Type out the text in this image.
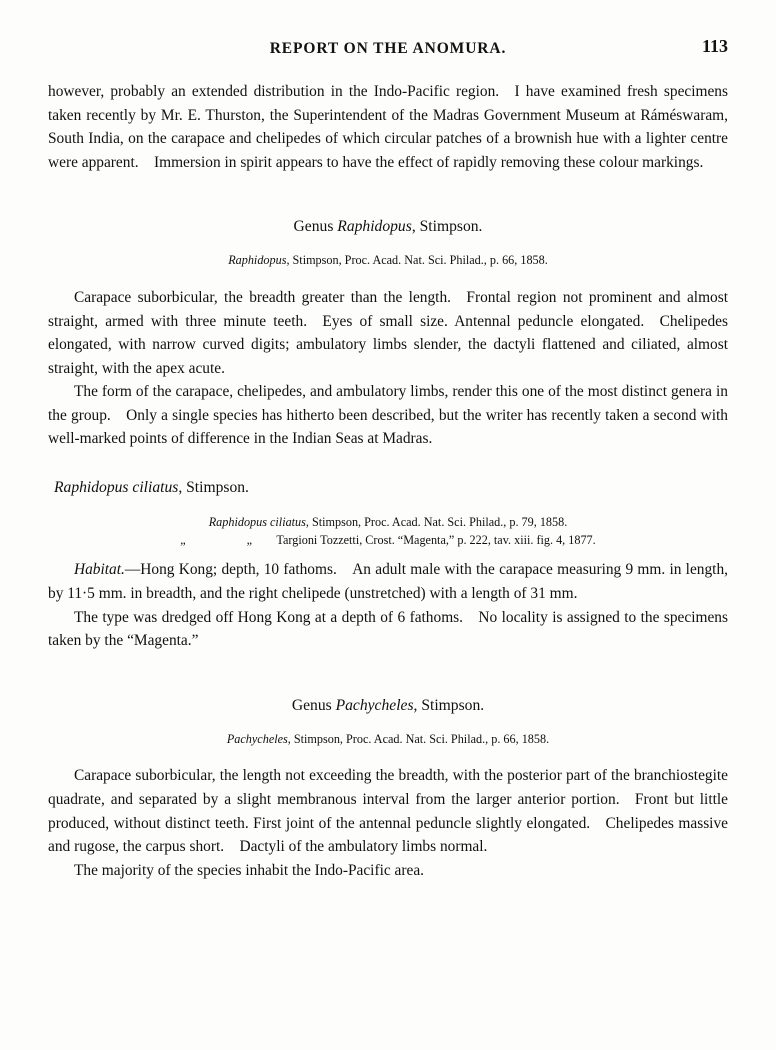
REPORT ON THE ANOMURA.	113

however, probably an extended distribution in the Indo-Pacific region. I have examined fresh specimens taken recently by Mr. E. Thurston, the Superintendent of the Madras Government Museum at Ráméswaram, South India, on the carapace and chelipedes of which circular patches of a brownish hue with a lighter centre were apparent. Immersion in spirit appears to have the effect of rapidly removing these colour markings.

Genus Raphidopus, Stimpson.
Raphidopus, Stimpson, Proc. Acad. Nat. Sci. Philad., p. 66, 1858.

Carapace suborbicular, the breadth greater than the length. Frontal region not prominent and almost straight, armed with three minute teeth. Eyes of small size. Antennal peduncle elongated. Chelipedes elongated, with narrow curved digits; ambulatory limbs slender, the dactyli flattened and ciliated, almost straight, with the apex acute.

The form of the carapace, chelipedes, and ambulatory limbs, render this one of the most distinct genera in the group. Only a single species has hitherto been described, but the writer has recently taken a second with well-marked points of difference in the Indian Seas at Madras.

Raphidopus ciliatus, Stimpson.
Raphidopus ciliatus, Stimpson, Proc. Acad. Nat. Sci. Philad., p. 79, 1858.
„     „  Targioni Tozzetti, Crost. “Magenta,” p. 222, tav. xiii. fig. 4, 1877.

Habitat.—Hong Kong; depth, 10 fathoms. An adult male with the carapace measuring 9 mm. in length, by 11·5 mm. in breadth, and the right chelipede (unstretched) with a length of 31 mm.

The type was dredged off Hong Kong at a depth of 6 fathoms. No locality is assigned to the specimens taken by the “Magenta.”

Genus Pachycheles, Stimpson.
Pachycheles, Stimpson, Proc. Acad. Nat. Sci. Philad., p. 66, 1858.

Carapace suborbicular, the length not exceeding the breadth, with the posterior part of the branchiostegite quadrate, and separated by a slight membranous interval from the larger anterior portion. Front but little produced, without distinct teeth. First joint of the antennal peduncle slightly elongated. Chelipedes massive and rugose, the carpus short. Dactyli of the ambulatory limbs normal.

The majority of the species inhabit the Indo-Pacific area.
